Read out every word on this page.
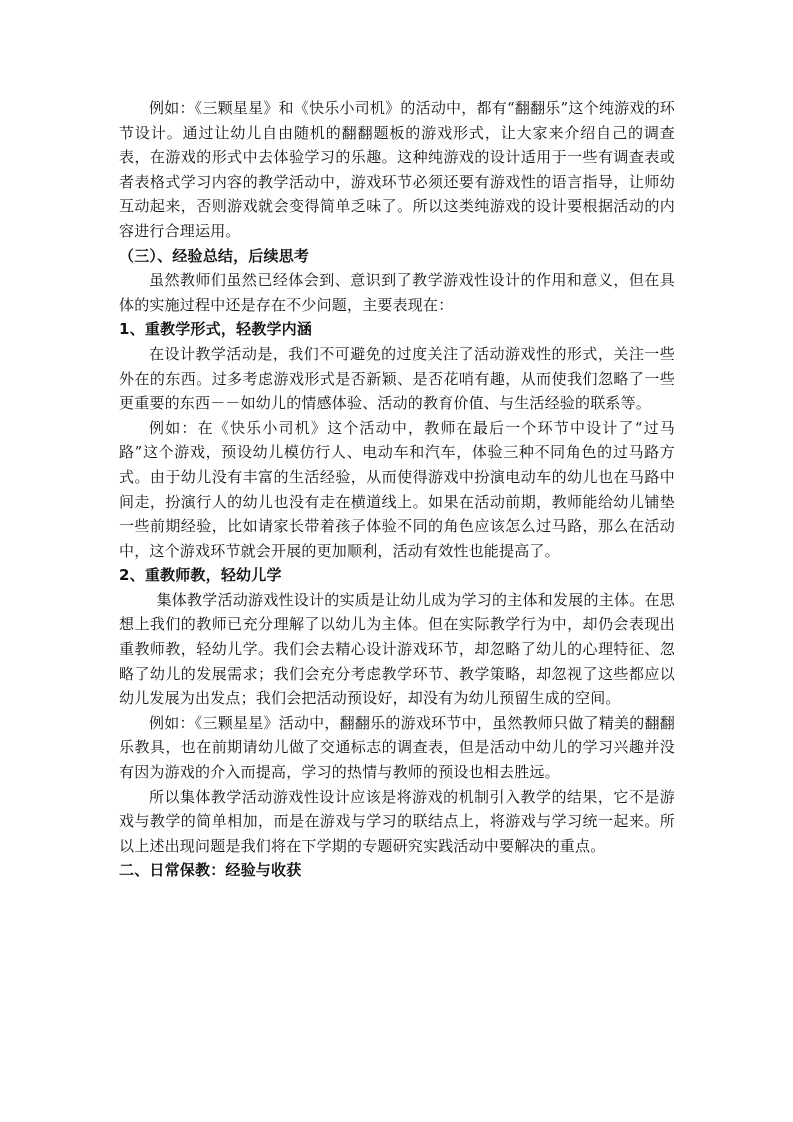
例如：《三颗星星》和《快乐小司机》的活动中，都有“翻翻乐”这个纯游戏的环节设计。通过让幼儿自由随机的翻翻题板的游戏形式，让大家来介绍自己的调查表，在游戏的形式中去体验学习的乐趣。这种纯游戏的设计适用于一些有调查表或者表格式学习内容的教学活动中，游戏环节必须还要有游戏性的语言指导，让师幼互动起来，否则游戏就会变得简单乏味了。所以这类纯游戏的设计要根据活动的内容进行合理运用。

（三）、经验总结，后续思考

虽然教师们虽然已经体会到、意识到了教学游戏性设计的作用和意义，但在具体的实施过程中还是存在不少问题，主要表现在：

1、重教学形式，轻教学内涵

在设计教学活动是，我们不可避免的过度关注了活动游戏性的形式，关注一些外在的东西。过多考虑游戏形式是否新颖、是否花哨有趣，从而使我们忽略了一些更重要的东西－－如幼儿的情感体验、活动的教育价值、与生活经验的联系等。

例如：在《快乐小司机》这个活动中，教师在最后一个环节中设计了“过马路”这个游戏，预设幼儿模仿行人、电动车和汽车，体验三种不同角色的过马路方式。由于幼儿没有丰富的生活经验，从而使得游戏中扮演电动车的幼儿也在马路中间走，扮演行人的幼儿也没有走在横道线上。如果在活动前期，教师能给幼儿铺垫一些前期经验，比如请家长带着孩子体验不同的角色应该怎么过马路，那么在活动中，这个游戏环节就会开展的更加顺利，活动有效性也能提高了。

2、重教师教，轻幼儿学

集体教学活动游戏性设计的实质是让幼儿成为学习的主体和发展的主体。在思想上我们的教师已充分理解了以幼儿为主体。但在实际教学行为中，却仍会表现出重教师教，轻幼儿学。我们会去精心设计游戏环节，却忽略了幼儿的心理特征、忽略了幼儿的发展需求；我们会充分考虑教学环节、教学策略，却忽视了这些都应以幼儿发展为出发点；我们会把活动预设好，却没有为幼儿预留生成的空间。

例如：《三颗星星》活动中，翻翻乐的游戏环节中，虽然教师只做了精美的翻翻乐教具，也在前期请幼儿做了交通标志的调查表，但是活动中幼儿的学习兴趣并没有因为游戏的介入而提高，学习的热情与教师的预设也相去胜远。

所以集体教学活动游戏性设计应该是将游戏的机制引入教学的结果，它不是游戏与教学的简单相加，而是在游戏与学习的联结点上，将游戏与学习统一起来。所以上述出现问题是我们将在下学期的专题研究实践活动中要解决的重点。

二、日常保教：经验与收获
